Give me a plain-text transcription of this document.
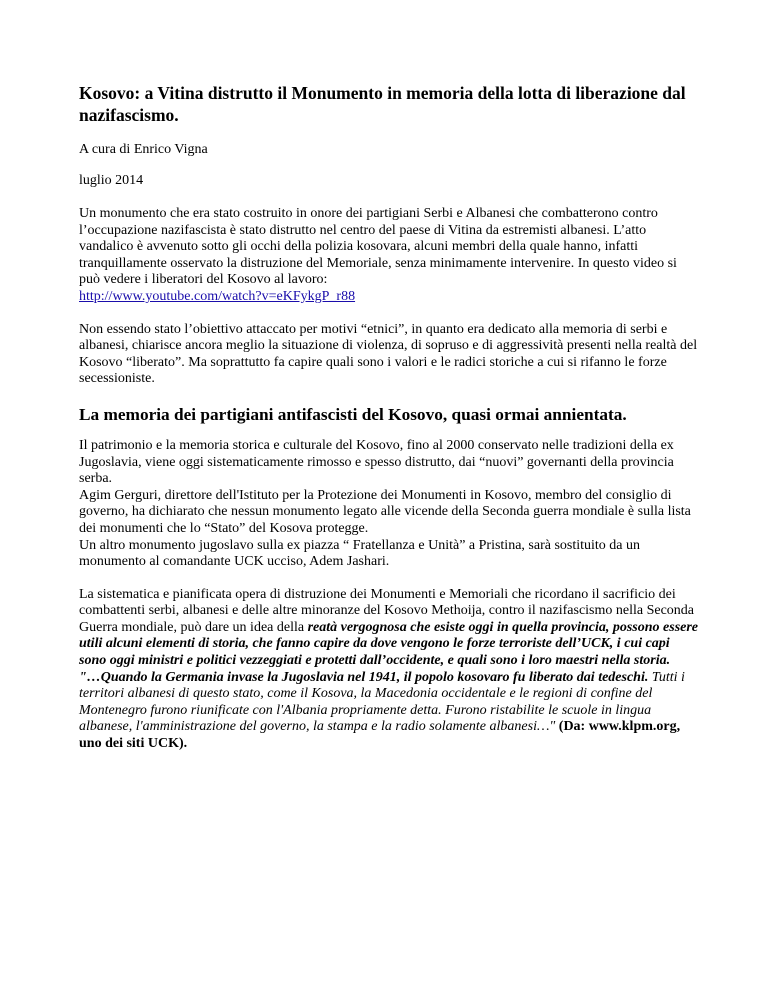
Kosovo: a Vitina distrutto il Monumento in memoria della lotta di liberazione dal nazifascismo.

A cura di Enrico Vigna

luglio 2014

Un monumento che era stato costruito in onore dei partigiani Serbi e Albanesi che combatterono contro l’occupazione nazifascista è stato distrutto nel centro del paese di Vitina da estremisti albanesi. L’atto vandalico è avvenuto sotto gli occhi della polizia kosovara, alcuni membri della quale hanno, infatti tranquillamente osservato la distruzione del Memoriale, senza minimamente intervenire. In questo video si può vedere i liberatori del Kosovo al lavoro:
http://www.youtube.com/watch?v=eKFykgP_r88

Non essendo stato l’obiettivo attaccato per motivi “etnici”, in quanto era dedicato alla memoria di serbi e albanesi, chiarisce ancora meglio la situazione di violenza, di sopruso e di aggressività presenti nella realtà del Kosovo “liberato”. Ma soprattutto fa capire quali sono i valori e le radici storiche a cui si rifanno le forze secessioniste.

La memoria dei partigiani antifascisti del Kosovo, quasi ormai annientata.

Il patrimonio e la memoria storica e culturale del Kosovo, fino al 2000 conservato nelle tradizioni della ex Jugoslavia, viene oggi sistematicamente rimosso e spesso distrutto, dai “nuovi” governanti della provincia serba.
Agim Gerguri, direttore dell'Istituto per la Protezione dei Monumenti in Kosovo, membro del consiglio di governo, ha dichiarato che nessun monumento legato alle vicende della Seconda guerra mondiale è sulla lista dei monumenti che lo “Stato” del Kosova protegge.
Un altro monumento jugoslavo sulla ex piazza “ Fratellanza e Unità” a Pristina, sarà sostituito da un monumento al comandante UCK ucciso, Adem Jashari.

La sistematica e pianificata opera di distruzione dei Monumenti e Memoriali che ricordano il sacrificio dei combattenti serbi, albanesi e delle altre minoranze del Kosovo Methoija, contro il nazifascismo nella Seconda Guerra mondiale, può dare un idea della reatà vergognosa che esiste oggi in quella provincia, possono essere utili alcuni elementi di storia, che fanno capire da dove vengono le forze terroriste dell’UCK, i cui capi sono oggi ministri e politici vezzeggiati e protetti dall’occidente, e quali sono i loro maestri nella storia.
"…Quando la Germania invase la Jugoslavia nel 1941, il popolo kosovaro fu liberato dai tedeschi. Tutti i territori albanesi di questo stato, come il Kosova, la Macedonia occidentale e le regioni di confine del Montenegro furono riunificate con l'Albania propriamente detta. Furono ristabilite le scuole in lingua albanese, l'amministrazione del governo, la stampa e la radio solamente albanesi…" (Da: www.klpm.org, uno dei siti UCK).
